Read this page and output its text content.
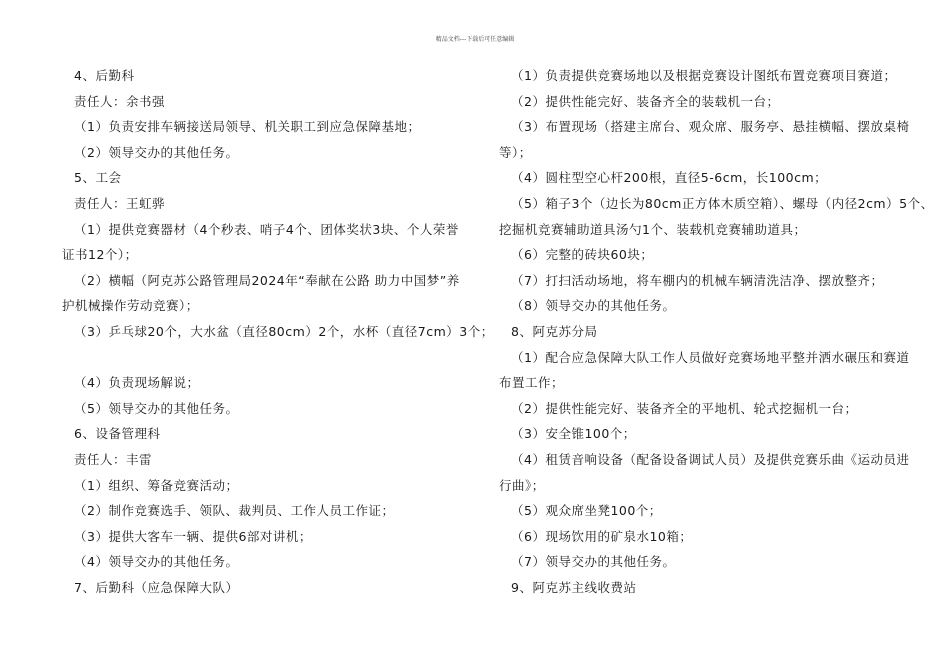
精品文档---下载后可任意编辑
4、后勤科
责任人：余书强
（1）负责安排车辆接送局领导、机关职工到应急保障基地；
（2）领导交办的其他任务。
5、工会
责任人：王虹骅
（1）提供竞赛器材（4个秒表、哨子4个、团体奖状3块、个人荣誉
证书12个）；
（2）横幅（阿克苏公路管理局2024年“奉献在公路 助力中国梦”养
护机械操作劳动竞赛）；
（3）乒乓球20个，大水盆（直径80cm）2个，水杯（直径7cm）3个；
（4）负责现场解说；
（5）领导交办的其他任务。
6、设备管理科
责任人：丰雷
（1）组织、筹备竞赛活动；
（2）制作竞赛选手、领队、裁判员、工作人员工作证；
（3）提供大客车一辆、提供6部对讲机；
（4）领导交办的其他任务。
7、后勤科（应急保障大队）
（1）负责提供竞赛场地以及根据竞赛设计图纸布置竞赛项目赛道；
（2）提供性能完好、装备齐全的装载机一台；
（3）布置现场（搭建主席台、观众席、服务亭、悬挂横幅、摆放桌椅
等）；
（4）圆柱型空心杆200根，直径5-6cm，长100cm；
（5）箱子3个（边长为80cm正方体木质空箱）、螺母（内径2cm）5个、
挖掘机竞赛辅助道具汤勺1个、装载机竞赛辅助道具；
（6）完整的砖块60块；
（7）打扫活动场地，将车棚内的机械车辆清洗洁净、摆放整齐；
（8）领导交办的其他任务。
8、阿克苏分局
（1）配合应急保障大队工作人员做好竞赛场地平整并洒水碾压和赛道
布置工作；
（2）提供性能完好、装备齐全的平地机、轮式挖掘机一台；
（3）安全锥100个；
（4）租赁音响设备（配备设备调试人员）及提供竞赛乐曲《运动员进
行曲》；
（5）观众席坐凳100个；
（6）现场饮用的矿泉水10箱；
（7）领导交办的其他任务。
9、阿克苏主线收费站
